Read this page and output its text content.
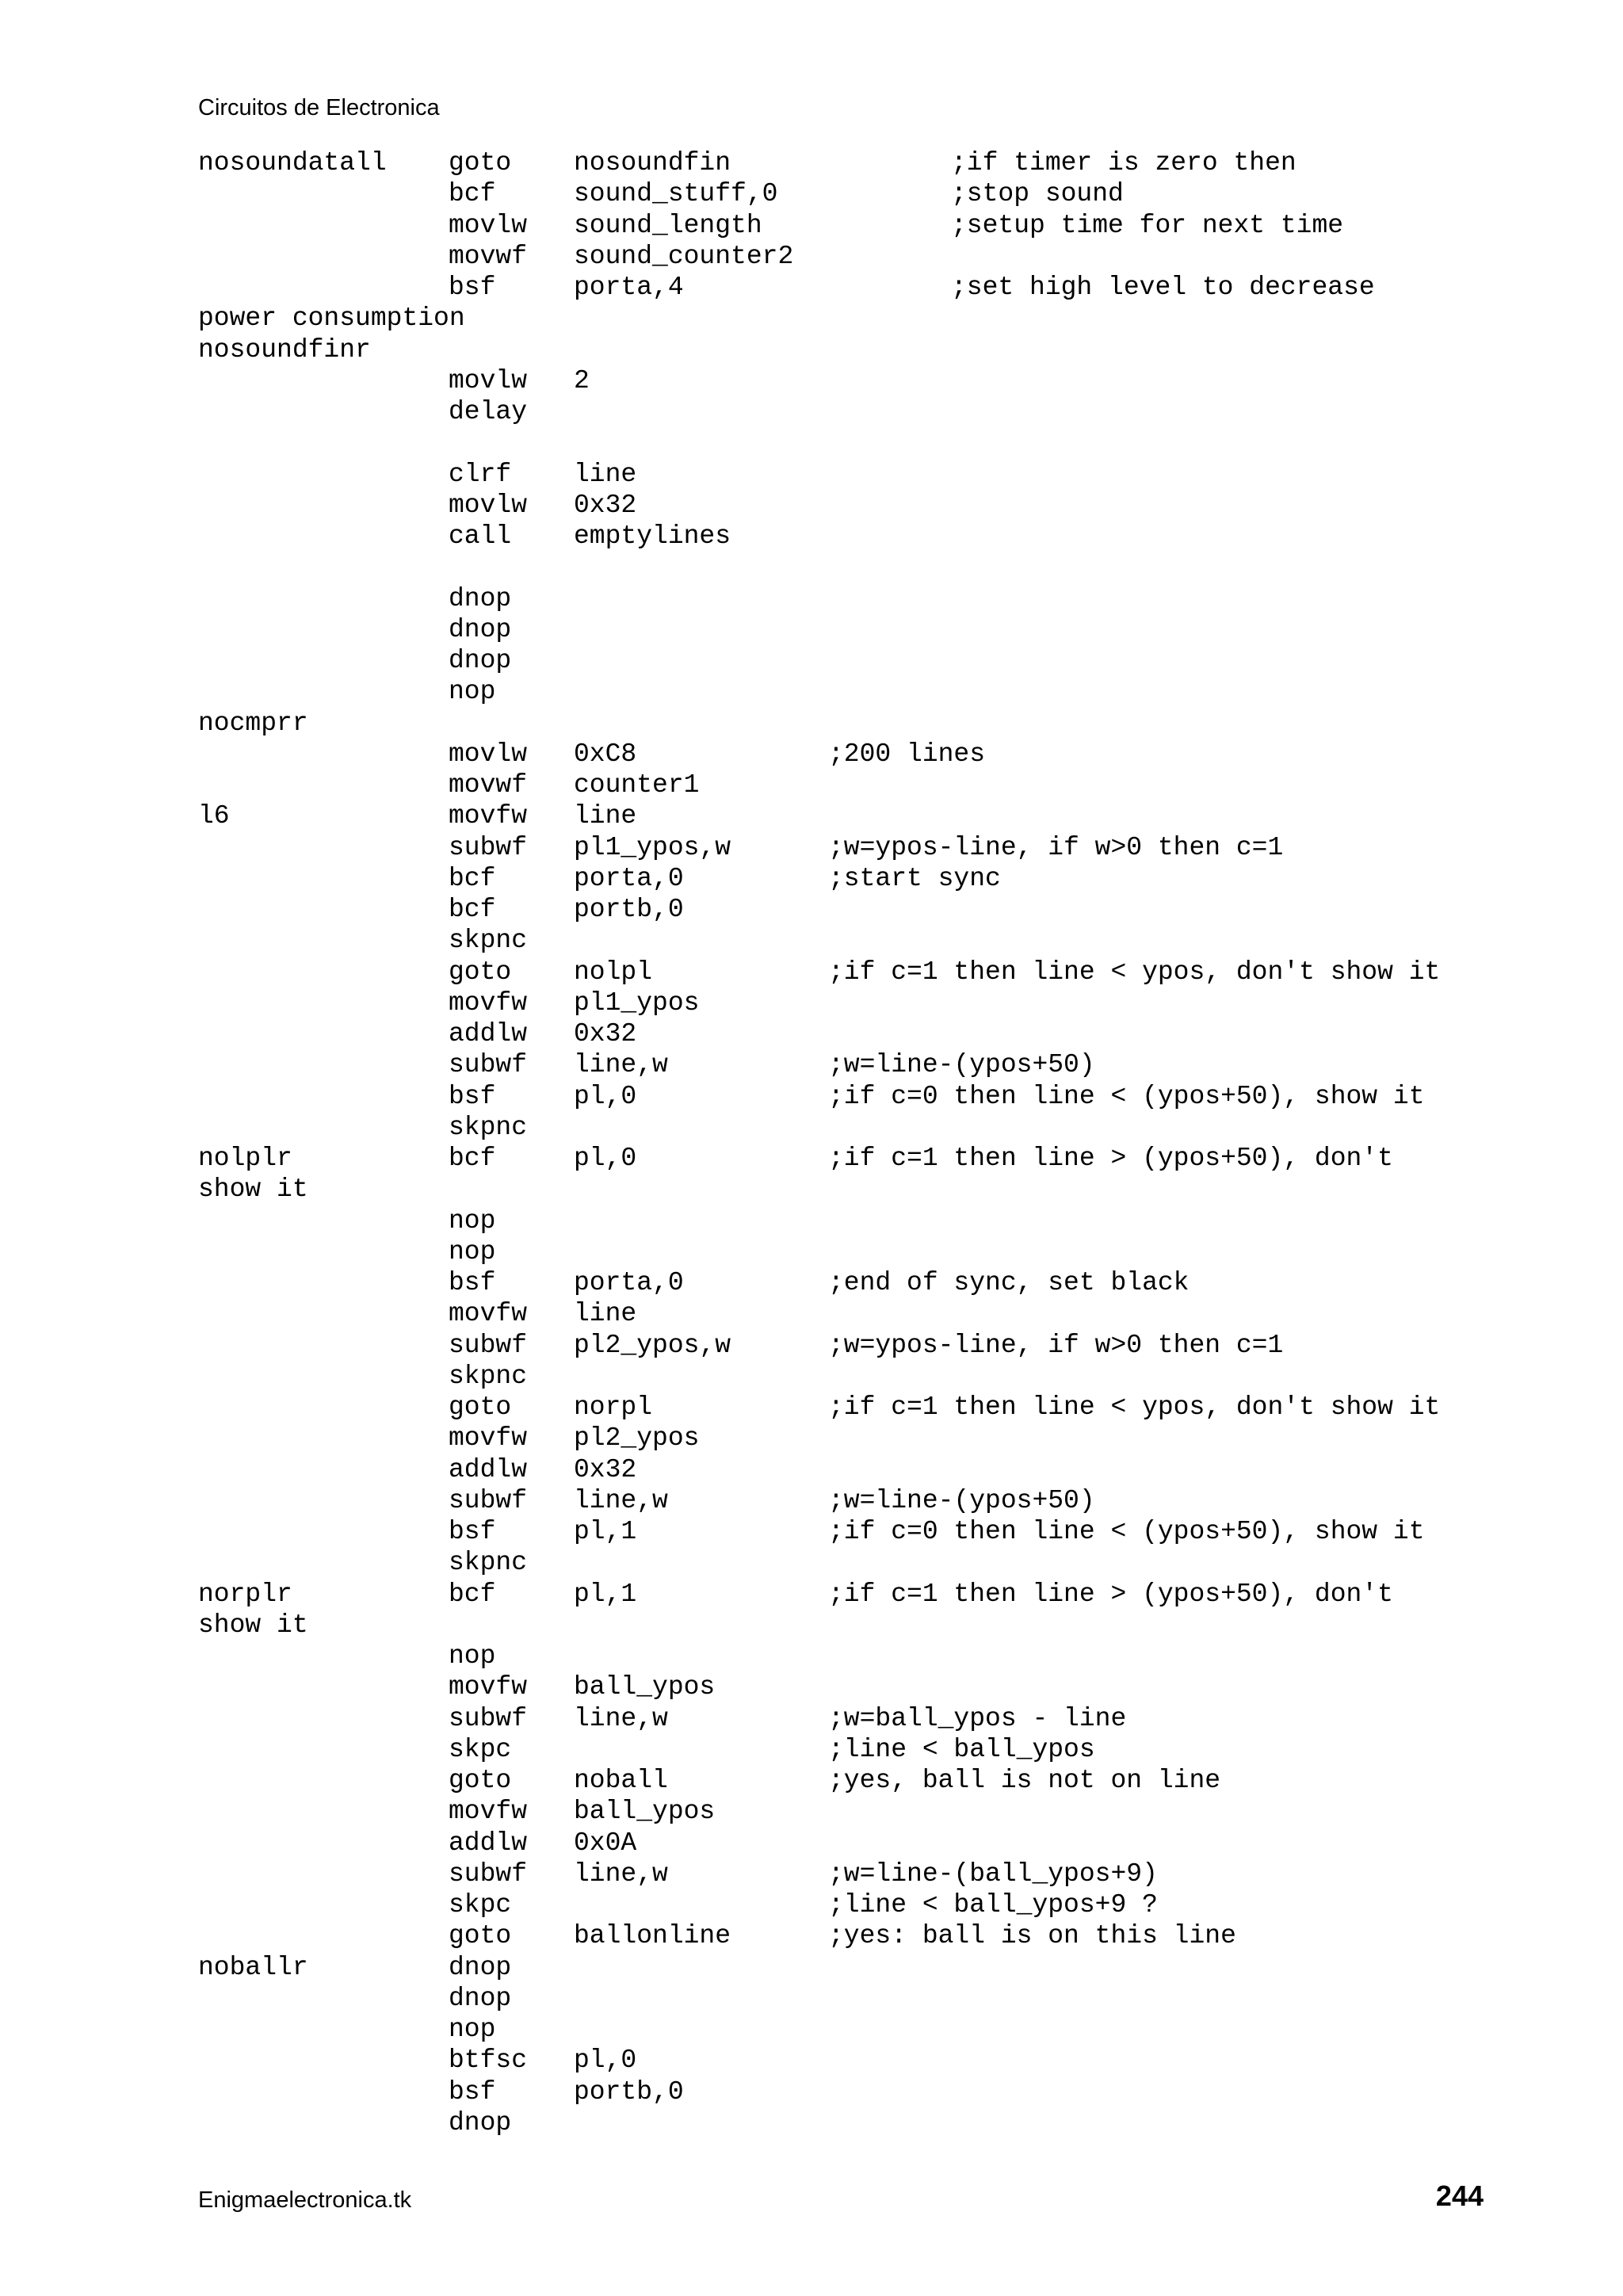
Circuitos de Electronica
nosoundatall goto nosoundfin	;if timer is zero then
bcf	sound_stuff,0	;stop sound
movlw sound_length	;setup time for next time
movwf sound_counter2
bsf	porta,4	;set high level to decrease
power consumption
nosoundfinr
movlw 2
delay
clrf line
movlw 0x32
call emptylines
dnop
dnop
dnop
nop
nocmprr
movlw 0xC8	;200 lines
movwf counter1
l6	movfw line
subwf pl1_ypos,w	;w=ypos-line, if w>0 then c=1
bcf	porta,0	;start sync
bcf	portb,0
skpnc
goto nolpl	;if c=1 then line < ypos, don't show it
movfw pl1_ypos
addlw 0x32
subwf line,w	;w=line-(ypos+50)
bsf	pl,0	;if c=0 then line < (ypos+50), show it
skpnc
nolplr	bcf	pl,0	;if c=1 then line > (ypos+50), don't
show it
nop
nop
bsf	porta,0	;end of sync, set black
movfw line
subwf pl2_ypos,w	;w=ypos-line, if w>0 then c=1
skpnc
goto norpl	;if c=1 then line < ypos, don't show it
movfw pl2_ypos
addlw 0x32
subwf line,w	;w=line-(ypos+50)
bsf	pl,1	;if c=0 then line < (ypos+50), show it
skpnc
norplr	bcf	pl,1	;if c=1 then line > (ypos+50), don't
show it
nop
movfw ball_ypos
subwf line,w	;w=ball_ypos - line
skpc	;line < ball_ypos
goto noball	;yes, ball is not on line
movfw ball_ypos
addlw 0x0A
subwf line,w	;w=line-(ball_ypos+9)
skpc	;line < ball_ypos+9 ?
goto ballonline	;yes: ball is on this line
noballr	dnop
dnop
nop
btfsc pl,0
bsf	portb,0
dnop
Enigmaelectronica.tk	244
